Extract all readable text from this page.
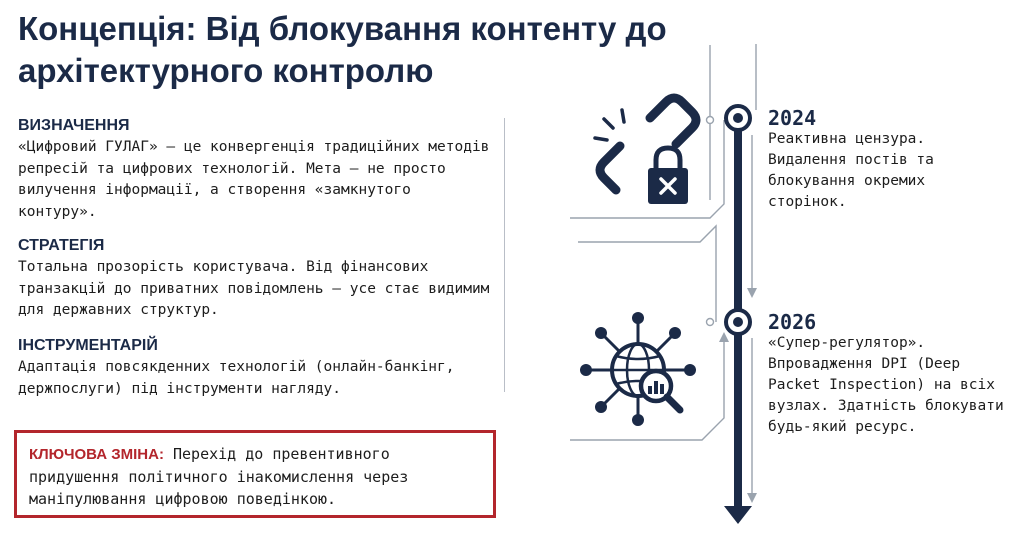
Концепція: Від блокування контенту до архітектурного контролю
ВИЗНАЧЕННЯ

«Цифровий ГУЛАГ» — це конвергенція традиційних методів репресій та цифрових технологій. Мета — не просто вилучення інформації, а створення «замкнутого контуру».

СТРАТЕГІЯ

Тотальна прозорість користувача. Від фінансових транзакцій до приватних повідомлень — усе стає видимим для державних структур.

ІНСТРУМЕНТАРІЙ

Адаптація повсякденних технологій (онлайн-банкінг, держпослуги) під інструменти нагляду.

КЛЮЧОВА ЗМІНА: Перехід до превентивного придушення політичного інакомислення через маніпулювання цифровою поведінкою.

2024

Реактивна цензура. Видалення постів та блокування окремих сторінок.

2026

«Супер-регулятор». Впровадження DPI (Deep Packet Inspection) на всіх вузлах. Здатність блокувати будь-який ресурс.
